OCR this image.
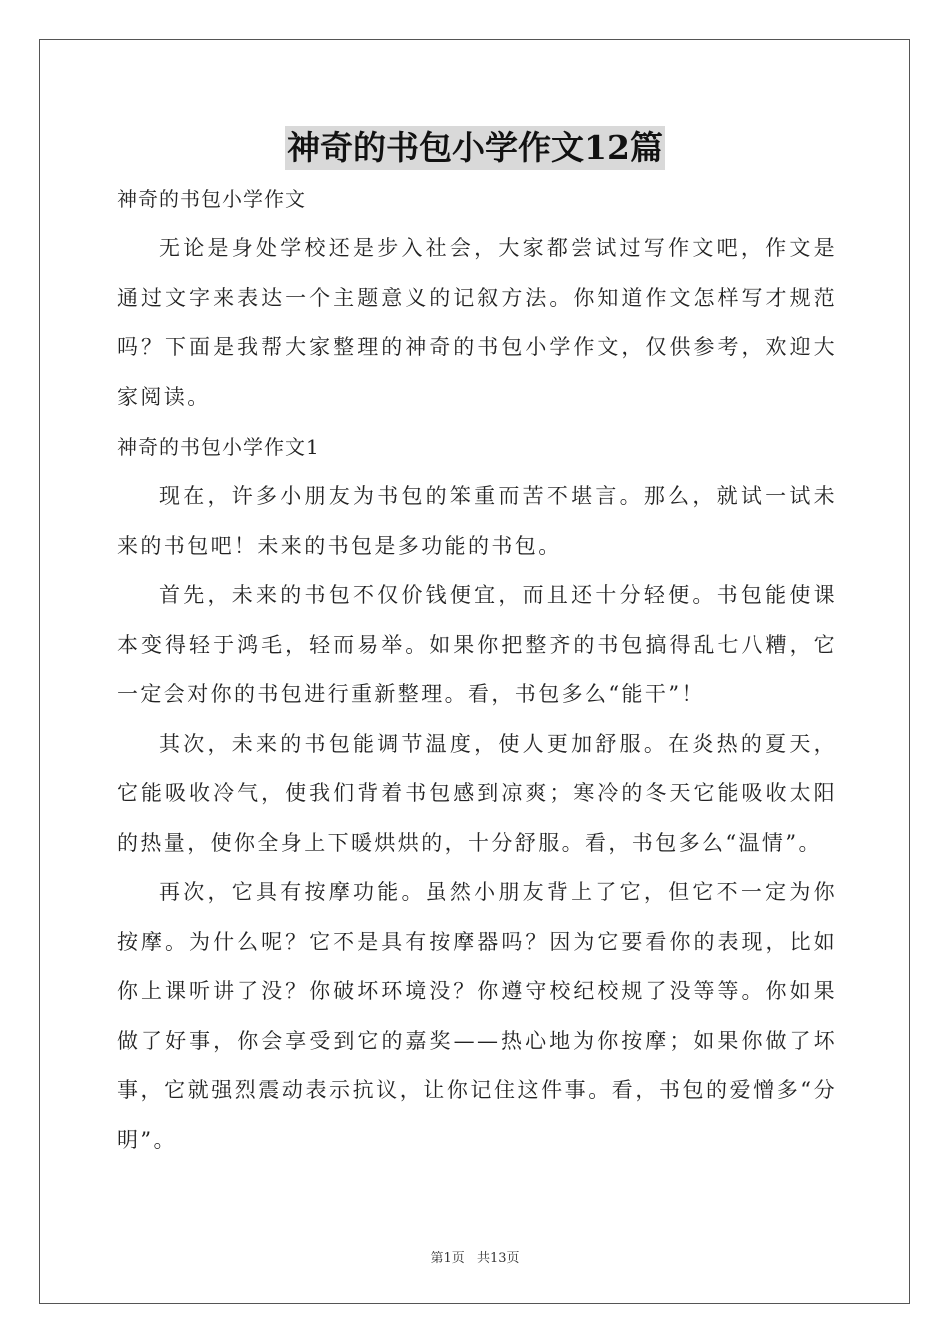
神奇的书包小学作文12篇

神奇的书包小学作文

无论是身处学校还是步入社会，大家都尝试过写作文吧，作文是通过文字来表达一个主题意义的记叙方法。你知道作文怎样写才规范吗？下面是我帮大家整理的神奇的书包小学作文，仅供参考，欢迎大家阅读。

神奇的书包小学作文1

现在，许多小朋友为书包的笨重而苦不堪言。那么，就试一试未来的书包吧！未来的书包是多功能的书包。

首先，未来的书包不仅价钱便宜，而且还十分轻便。书包能使课本变得轻于鸿毛，轻而易举。如果你把整齐的书包搞得乱七八糟，它一定会对你的书包进行重新整理。看，书包多么“能干”！

其次，未来的书包能调节温度，使人更加舒服。在炎热的夏天，它能吸收冷气，使我们背着书包感到凉爽；寒冷的冬天它能吸收太阳的热量，使你全身上下暖烘烘的，十分舒服。看，书包多么“温情”。

再次，它具有按摩功能。虽然小朋友背上了它，但它不一定为你按摩。为什么呢？它不是具有按摩器吗？因为它要看你的表现，比如你上课听讲了没？你破坏环境没？你遵守校纪校规了没等等。你如果做了好事，你会享受到它的嘉奖——热心地为你按摩；如果你做了坏事，它就强烈震动表示抗议，让你记住这件事。看，书包的爱憎多“分明”。

第1页 共13页
